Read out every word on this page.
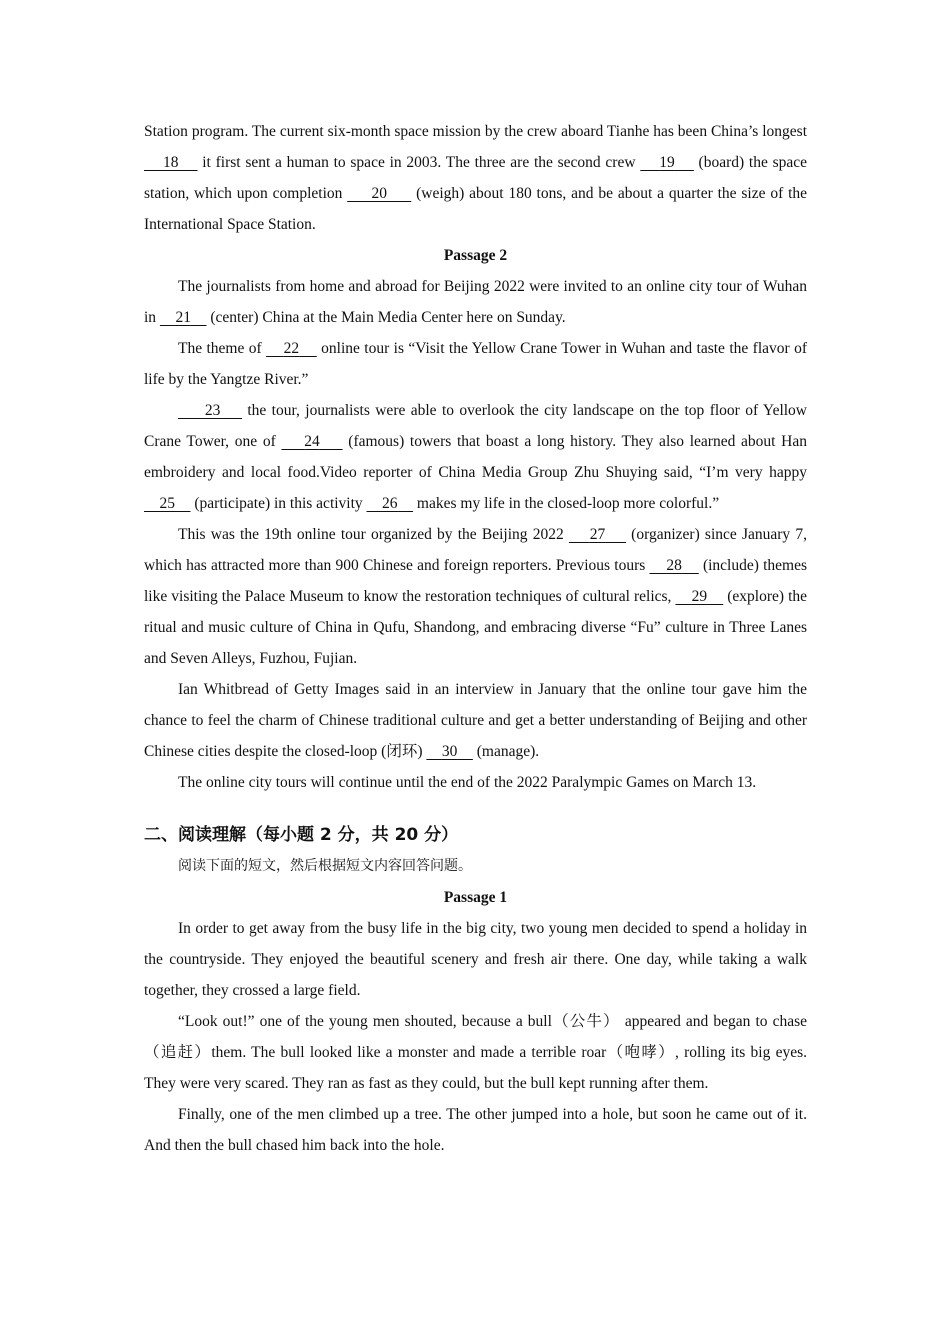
Station program. The current six-month space mission by the crew aboard Tianhe has been China’s longest     18     it first sent a human to space in 2003. The three are the second crew     19     (board) the space station, which upon completion      20      (weigh) about 180 tons, and be about a quarter the size of the International Space Station.

Passage 2

The journalists from home and abroad for Beijing 2022 were invited to an online city tour of Wuhan in     21     (center) China at the Main Media Center here on Sunday.

The theme of     22     online tour is “Visit the Yellow Crane Tower in Wuhan and taste the flavor of life by the Yangtze River.”

23     the tour, journalists were able to overlook the city landscape on the top floor of Yellow Crane Tower, one of     24     (famous) towers that boast a long history. They also learned about Han embroidery and local food.Video reporter of China Media Group Zhu Shuying said, “I’m very happy     25     (participate) in this activity     26     makes my life in the closed-loop more colorful.”

This was the 19th online tour organized by the Beijing 2022     27     (organizer) since January 7, which has attracted more than 900 Chinese and foreign reporters. Previous tours     28     (include) themes like visiting the Palace Museum to know the restoration techniques of cultural relics,     29     (explore) the ritual and music culture of China in Qufu, Shandong, and embracing diverse “Fu” culture in Three Lanes and Seven Alleys, Fuzhou, Fujian.

Ian Whitbread of Getty Images said in an interview in January that the online tour gave him the chance to feel the charm of Chinese traditional culture and get a better understanding of Beijing and other Chinese cities despite the closed-loop (闭环)     30     (manage).

The online city tours will continue until the end of the 2022 Paralympic Games on March 13.

二、阅读理解（每小题 2 分，共 20 分）

阅读下面的短文，然后根据短文内容回答问题。

Passage 1

In order to get away from the busy life in the big city, two young men decided to spend a holiday in the countryside. They enjoyed the beautiful scenery and fresh air there. One day, while taking a walk together, they crossed a large field.

“Look out!” one of the young men shouted, because a bull（公牛） appeared and began to chase（追赶）them. The bull looked like a monster and made a terrible roar（咆哮）, rolling its big eyes. They were very scared. They ran as fast as they could, but the bull kept running after them.

Finally, one of the men climbed up a tree. The other jumped into a hole, but soon he came out of it. And then the bull chased him back into the hole.
